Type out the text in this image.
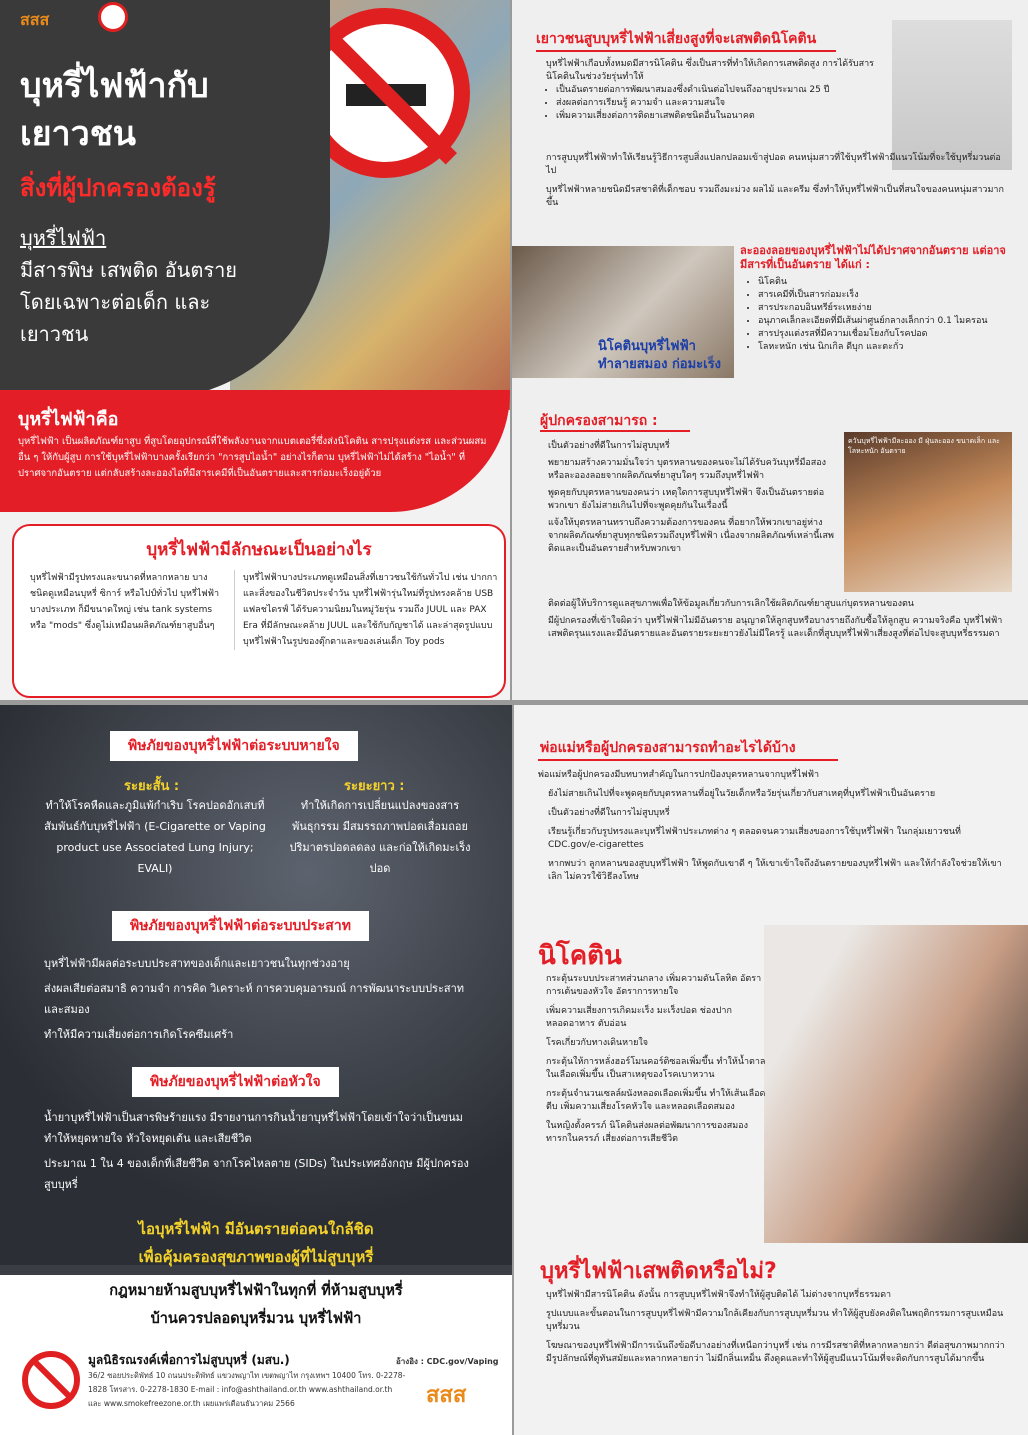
สสส
บุหรี่ไฟฟ้ากับเยาวชน
สิ่งที่ผู้ปกครองต้องรู้
บุหรี่ไฟฟ้า
มีสารพิษ เสพติด อันตราย โดยเฉพาะต่อเด็ก และเยาวชน
บุหรี่ไฟฟ้าคือ
บุหรี่ไฟฟ้า เป็นผลิตภัณฑ์ยาสูบ ที่สูบโดยอุปกรณ์ที่ใช้พลังงานจากแบตเตอรี่ซึ่งส่งนิโคติน สารปรุงแต่งรส และส่วนผสมอื่น ๆ ให้กับผู้สูบ การใช้บุหรี่ไฟฟ้าบางครั้งเรียกว่า "การสูบไอน้ำ" อย่างไรก็ตาม บุหรี่ไฟฟ้าไม่ได้สร้าง "ไอน้ำ" ที่ปราศจากอันตราย แต่กลับสร้างละอองไอที่มีสารเคมีที่เป็นอันตรายและสารก่อมะเร็งอยู่ด้วย
บุหรี่ไฟฟ้ามีลักษณะเป็นอย่างไร
บุหรี่ไฟฟ้ามีรูปทรงและขนาดที่หลากหลาย บางชนิดดูเหมือนบุหรี่ ซิการ์ หรือไปป์ทั่วไป บุหรี่ไฟฟ้าบางประเภท ก็มีขนาดใหญ่ เช่น tank systems หรือ "mods" ซึ่งดูไม่เหมือนผลิตภัณฑ์ยาสูบอื่นๆ
บุหรี่ไฟฟ้าบางประเภทดูเหมือนสิ่งที่เยาวชนใช้กันทั่วไป เช่น ปากกาและสิ่งของในชีวิตประจำวัน บุหรี่ไฟฟ้ารุ่นใหม่ที่รูปทรงคล้าย USB แฟลชไดรฟ์ ได้รับความนิยมในหมู่วัยรุ่น รวมถึง JUUL และ PAX Era ที่มีลักษณะคล้าย JUUL และใช้กับกัญชาได้ และล่าสุดรูปแบบบุหรี่ไฟฟ้าในรูปของตุ๊กตาและของเล่นเด็ก Toy pods
เยาวชนสูบบุหรี่ไฟฟ้าเสี่ยงสูงที่จะเสพติดนิโคติน

บุหรี่ไฟฟ้าเกือบทั้งหมดมีสารนิโคติน ซึ่งเป็นสารที่ทำให้เกิดการเสพติดสูง การได้รับสารนิโคตินในช่วงวัยรุ่นทำให้

• เป็นอันตรายต่อการพัฒนาสมองซึ่งดำเนินต่อไปจนถึงอายุประมาณ 25 ปี
• ส่งผลต่อการเรียนรู้ ความจำ และความสนใจ
• เพิ่มความเสี่ยงต่อการติดยาเสพติดชนิดอื่นในอนาคต

การสูบบุหรี่ไฟฟ้าทำให้เรียนรู้วิธีการสูบสิ่งแปลกปลอมเข้าสู่ปอด คนหนุ่มสาวที่ใช้บุหรี่ไฟฟ้ามีแนวโน้มที่จะใช้บุหรี่มวนต่อไป

บุหรี่ไฟฟ้าหลายชนิดมีรสชาติที่เด็กชอบ รวมถึงมะม่วง ผลไม้ และครีม ซึ่งทำให้บุหรี่ไฟฟ้าเป็นที่สนใจของคนหนุ่มสาวมากขึ้น

นิโคตินบุหรี่ไฟฟ้า
ทำลายสมอง ก่อมะเร็ง
ละอองลอยของบุหรี่ไฟฟ้าไม่ได้ปราศจากอันตราย แต่อาจมีสารที่เป็นอันตราย ได้แก่ :
• นิโคติน
• สารเคมีที่เป็นสารก่อมะเร็ง
• สารประกอบอินทรีย์ระเหยง่าย
• อนุภาคเล็กละเอียดที่มีเส้นผ่าศูนย์กลางเล็กกว่า 0.1 ไมครอน
• สารปรุงแต่งรสที่มีความเชื่อมโยงกับโรคปอด
• โลหะหนัก เช่น นิกเกิล ดีบุก และตะกั่ว
ผู้ปกครองสามารถ :
ควันบุหรี่ไฟฟ้ามีละออง มี ฝุ่นละออง ขนาดเล็ก และ โลหะหนัก อันตราย

เป็นตัวอย่างที่ดีในการไม่สูบบุหรี่

พยายามสร้างความมั่นใจว่า บุตรหลานของคนจะไม่ได้รับควันบุหรี่มือสองหรือละอองลอยจากผลิตภัณฑ์ยาสูบใดๆ รวมถึงบุหรี่ไฟฟ้า

พูดคุยกับบุตรหลานของคนว่า เหตุใดการสูบบุหรี่ไฟฟ้า จึงเป็นอันตรายต่อพวกเขา ยังไม่สายเกินไปที่จะพูดคุยกันในเรื่องนี้

แจ้งให้บุตรหลานทราบถึงความต้องการของคน ที่อยากให้พวกเขาอยู่ห่างจากผลิตภัณฑ์ยาสูบทุกชนิดรวมถึงบุหรี่ไฟฟ้า เนื่องจากผลิตภัณฑ์เหล่านี้เสพติดและเป็นอันตรายสำหรับพวกเขา

ติดต่อผู้ให้บริการดูแลสุขภาพเพื่อให้ข้อมูลเกี่ยวกับการเลิกใช้ผลิตภัณฑ์ยาสูบแก่บุตรหลานของตน

มีผู้ปกครองที่เข้าใจผิดว่า บุหรี่ไฟฟ้าไม่มีอันตราย อนุญาตให้ลูกสูบหรือบางรายถึงกับซื้อให้ลูกสูบ ความจริงคือ บุหรี่ไฟฟ้าเสพติดรุนแรงและมีอันตรายและอันตรายระยะยาวยังไม่มีใครรู้ และเด็กที่สูบบุหรี่ไฟฟ้าเสี่ยงสูงที่ต่อไปจะสูบบุหรี่ธรรมดา

พิษภัยของบุหรี่ไฟฟ้าต่อระบบหายใจ
ระยะสั้น :	ระยะยาว :
ทำให้โรคหืดและภูมิแพ้กำเริบ โรคปอดอักเสบที่สัมพันธ์กับบุหรี่ไฟฟ้า (E-Cigarette or Vaping product use Associated Lung Injury; EVALI)
ทำให้เกิดการเปลี่ยนแปลงของสารพันธุกรรม มีสมรรถภาพปอดเสื่อมถอย ปริมาตรปอดลดลง และก่อให้เกิดมะเร็งปอด
พิษภัยของบุหรี่ไฟฟ้าต่อระบบประสาท
บุหรี่ไฟฟ้ามีผลต่อระบบประสาทของเด็กและเยาวชนในทุกช่วงอายุ
ส่งผลเสียต่อสมาธิ ความจำ การคิด วิเคราะห์ การควบคุมอารมณ์ การพัฒนาระบบประสาทและสมอง
ทำให้มีความเสี่ยงต่อการเกิดโรคซึมเศร้า
พิษภัยของบุหรี่ไฟฟ้าต่อหัวใจ
น้ำยาบุหรี่ไฟฟ้าเป็นสารพิษร้ายแรง มีรายงานการกินน้ำยาบุหรี่ไฟฟ้าโดยเข้าใจว่าเป็นขนม ทำให้หยุดหายใจ หัวใจหยุดเต้น และเสียชีวิต
ประมาณ 1 ใน 4 ของเด็กที่เสียชีวิต จากโรคไหลตาย (SIDs) ในประเทศอังกฤษ มีผู้ปกครองสูบบุหรี่
ไอบุหรี่ไฟฟ้า มีอันตรายต่อคนใกล้ชิด
เพื่อคุ้มครองสุขภาพของผู้ที่ไม่สูบบุหรี่
กฎหมายห้ามสูบบุหรี่ไฟฟ้าในทุกที่ ที่ห้ามสูบบุหรี่
บ้านควรปลอดบุหรี่มวน บุหรี่ไฟฟ้า
มูลนิธิรณรงค์เพื่อการไม่สูบบุหรี่ (มสบ.)
36/2 ซอยประดิพัทธ์ 10 ถนนประดิพัทธ์ แขวงพญาไท เขตพญาไท กรุงเทพฯ 10400 โทร. 0-2278-1828 โทรสาร. 0-2278-1830 E-mail : info@ashthailand.or.th www.ashthailand.or.th และ www.smokefreezone.or.th เผยแพร่เดือนธันวาคม 2566
อ้างอิง : CDC.gov/Vaping
สสส
พ่อแม่หรือผู้ปกครองสามารถทำอะไรได้บ้าง

พ่อแม่หรือผู้ปกครองมีบทบาทสำคัญในการปกป้องบุตรหลานจากบุหรี่ไฟฟ้า

ยังไม่สายเกินไปที่จะพูดคุยกับบุตรหลานที่อยู่ในวัยเด็กหรือวัยรุ่นเกี่ยวกับสาเหตุที่บุหรี่ไฟฟ้าเป็นอันตราย

เป็นตัวอย่างที่ดีในการไม่สูบบุหรี่

เรียนรู้เกี่ยวกับรูปทรงและบุหรี่ไฟฟ้าประเภทต่าง ๆ ตลอดจนความเสี่ยงของการใช้บุหรี่ไฟฟ้า ในกลุ่มเยาวชนที่ CDC.gov/e-cigarettes

หากพบว่า ลูกหลานของสูบบุหรี่ไฟฟ้า ให้พูดกับเขาดี ๆ ให้เขาเข้าใจถึงอันตรายของบุหรี่ไฟฟ้า และให้กำลังใจช่วยให้เขาเลิก ไม่ควรใช้วิธีลงโทษ

นิโคติน

กระตุ้นระบบประสาทส่วนกลาง เพิ่มความดันโลหิต อัตราการเต้นของหัวใจ อัตราการหายใจ

เพิ่มความเสี่ยงการเกิดมะเร็ง มะเร็งปอด ช่องปาก หลอดอาหาร ตับอ่อน

โรคเกี่ยวกับทางเดินหายใจ

กระตุ้นให้การหลั่งฮอร์โมนคอร์ติซอลเพิ่มขึ้น ทำให้น้ำตาลในเลือดเพิ่มขึ้น เป็นสาเหตุของโรคเบาหวาน

กระตุ้นจำนวนเซลล์ผนังหลอดเลือดเพิ่มขึ้น ทำให้เส้นเลือดตีบ เพิ่มความเสี่ยงโรคหัวใจ และหลอดเลือดสมอง

ในหญิงตั้งครรภ์ นิโคตินส่งผลต่อพัฒนาการของสมองทารกในครรภ์ เสี่ยงต่อการเสียชีวิต

บุหรี่ไฟฟ้าเสพติดหรือไม่?

บุหรี่ไฟฟ้ามีสารนิโคติน ดังนั้น การสูบบุหรี่ไฟฟ้าจึงทำให้ผู้สูบติดได้ ไม่ต่างจากบุหรี่ธรรมดา

รูปแบบและขั้นตอนในการสูบบุหรี่ไฟฟ้ามีความใกล้เคียงกับการสูบบุหรี่มวน ทำให้ผู้สูบยังคงติดในพฤติกรรมการสูบเหมือนบุหรี่มวน

โฆษณาของบุหรี่ไฟฟ้ามีการเน้นถึงข้อดีบางอย่างที่เหนือกว่าบุหรี่ เช่น การมีรสชาติที่หลากหลายกว่า ดีต่อสุขภาพมากกว่า มีรูปลักษณ์ที่ดูทันสมัยและหลากหลายกว่า ไม่มีกลิ่นเหม็น ดึงดูดและทำให้ผู้สูบมีแนวโน้มที่จะติดกับการสูบได้มากขึ้น
